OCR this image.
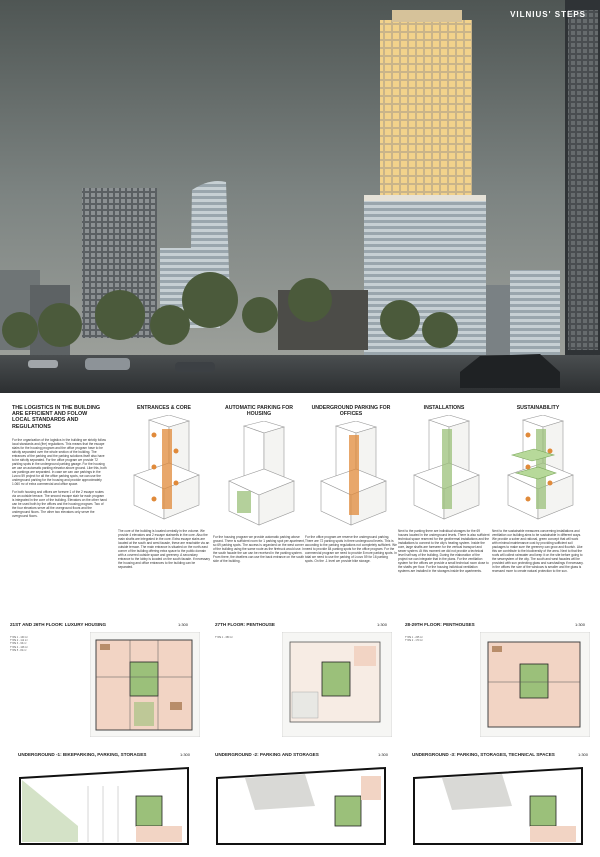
VILNIUS' STEPS
THE LOGISTICS IN THE BUILDING ARE EFFICIENT AND FOLOW LOCAL STANDARDS AND REGULATIONS
For the organization of the logistics in the building we strictly follow local standards and (fire) regulations. This means that the escape stairs for the housing program and the office program have to be strictly separated over the whole section of the building. The entrances of the parking and the parking solutions itself also have to be strictly separated. For the office program we provide 72 parking spots in the underground parking garage. For the housing we use an automatic parking elevator above ground. Like this, both car parkings are separated. In case we can use parkings in the Lvovo 59 project for all the office parking spots, we can use the underground parking for the housing and provide approximately 1.060 m² of extra commercial and office space.
For both housing and offices we foresee 1 of the 2 escape routes via an outside terrace. The second escape stair for each program is integrated in the core of the building. Elevators on the other hand can be used both by the offices and the housing program. Two of the four elevators serve all the overground floors and the underground floors. The other two elevators only serve the overground floors.
ENTRANCES & CORE
The core of the building is located centrally in the volume. We provide 4 elevators and 2 escape stairwells in the core. Also the main shafts are integrated in the core. Extra escape stairs are located at the south and west facade, these are reachable via an outside terrace. The main entrance is situated on the north-east corner of the building offering extra space to the public domain with a covered outside space and greenery. A secondary entrance to the lobby is located on the south facade. If necessary the housing and office entrances to the building can be separated.
AUTOMATIC PARKING FOR HOUSING
For the housing program we provide automatic parking above ground. There is sufficient room for 1 parking spot per apartment, so 69 parking spots. The access is organized on the west corner of the building using the same route as the firetruck would use. In the south facade the car can be received in the parking system. From there, the dwellers can use the back entrance on the south side of the building.
UNDERGROUND PARKING FOR OFFICES
For the office program we reserve the underground parking. There are 72 parking spots in three underground levels. This is according to the parking regulations not completely sufficient. We need to provide 84 parking spots for the office program. For the commercial program we need to provide 8 more parking spots. In total we need to use the parking of Lvovo 59 for 16 parking spots. On the -1 level we provide bike storage.
INSTALLATIONS
Next to the parking there are individual storages for the 69 houses located in the underground levels. There is also sufficient technical space reserved for the geothermal installations and the installations to connect to the city's heating system. Inside the core, large shafts are foreseen for the vertical transport and sewer system. At this moment we did not provide a technical level half way of the building. During the elaboration of the project we can integrate that in the plans. For the ventilation system for the offices we provide a small technical room close to the shafts per floor. For the housing individual ventilation systems are installed in the storages inside the apartments.
SUSTAINABILITY
Next to the sustainable measures concerning installations and ventilation our building aims to be sustainable in different ways. We provide a sober and rational, green concept that will work with minimal maintenance cost by providing sufficient soil packages to make sure the greenery can grow and flourish. Like this we contribute to the biodiversity of the area. Next to that the roofs will collect rainwater and keep it on the site before going to the sewerystem of the city. The south and west facades will be provided with sun protecting glass and sunshadings if necessary. In the offices the size of the windows is smaller and the glass is recessed more to create natural protection to the sun.
21ST AND 26TH FLOOR: LUXURY HOUSING	1:300
TYPE 1 - 160 m²
TYPE 2 - 112 m²
TYPE 3 - 96 m²
TYPE 4 - 108 m²
TYPE 5 - 82 m²
27TH FLOOR: PENTHOUSE	1:300
TYPE 1 - 380 m²
28-29TH FLOOR: PENTHOUSES	1:300
TYPE 1 - 205 m²
TYPE 2 - 170 m²
UNDERGROUND -1: BIKEPARKING, PARKING, STORAGES	1:300	UNDERGROUND -2: PARKING AND STORAGES	1:300	UNDERGROUND -3: PARKING, STORAGES, TECHNICAL SPACES	1:300
